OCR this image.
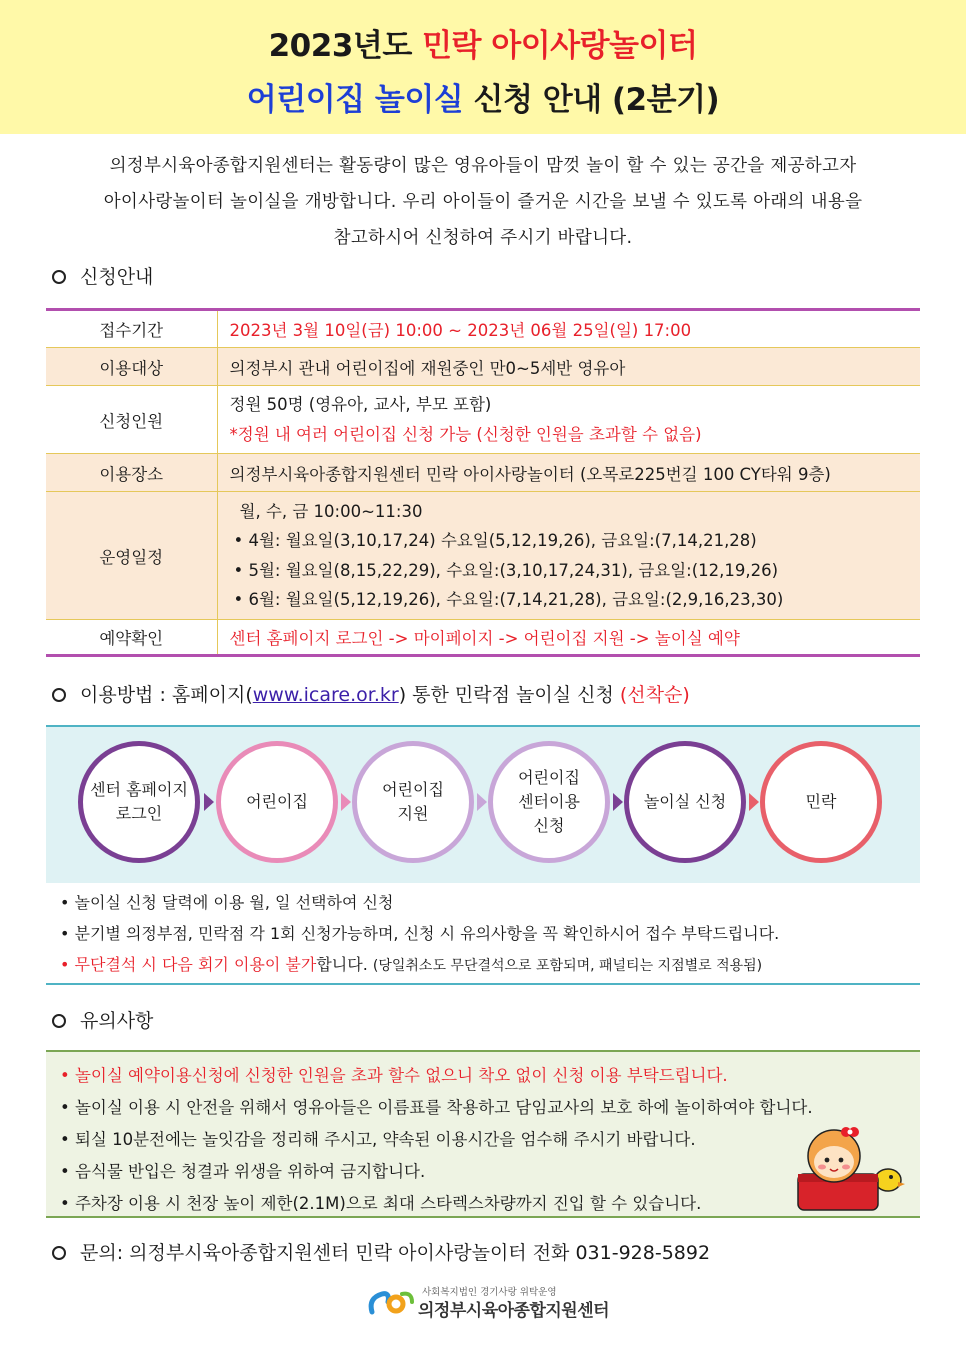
2023년도 민락 아이사랑놀이터
어린이집 놀이실 신청 안내 (2분기)
의정부시육아종합지원센터는 활동량이 많은 영유아들이 맘껏 놀이 할 수 있는 공간을 제공하고자
아이사랑놀이터 놀이실을 개방합니다. 우리 아이들이 즐거운 시간을 보낼 수 있도록 아래의 내용을
참고하시어 신청하여 주시기 바랍니다.
신청안내
접수기간	2023년 3월 10일(금) 10:00 ~ 2023년 06월 25일(일) 17:00
이용대상	의정부시 관내 어린이집에 재원중인 만0~5세반 영유아
신청인원	정원 50명 (영유아, 교사, 부모 포함)
*정원 내 여러 어린이집 신청 가능 (신청한 인원을 초과할 수 없음)

이용장소	의정부시육아종합지원센터 민락 아이사랑놀이터 (오목로225번길 100 CY타워 9층)
운영일정	월, 수, 금 10:00~11:30
• 4월: 월요일(3,10,17,24) 수요일(5,12,19,26), 금요일:(7,14,21,28)
• 5월: 월요일(8,15,22,29), 수요일:(3,10,17,24,31), 금요일:(12,19,26)
• 6월: 월요일(5,12,19,26), 수요일:(7,14,21,28), 금요일:(2,9,16,23,30)

예약확인	센터 홈페이지 로그인 -> 마이페이지 -> 어린이집 지원 -> 놀이실 예약
이용방법 : 홈페이지(www.icare.or.kr) 통한 민락점 놀이실 신청 (선착순)
센터 홈페이지
로그인
어린이집
어린이집
지원
어린이집
센터이용
신청
놀이실 신청	민락
• 놀이실 신청 달력에 이용 월, 일 선택하여 신청
• 분기별 의정부점, 민락점 각 1회 신청가능하며, 신청 시 유의사항을 꼭 확인하시어 접수 부탁드립니다.
• 무단결석 시 다음 회기 이용이 불가합니다. (당일취소도 무단결석으로 포함되며, 패널티는 지점별로 적용됨)
유의사항
• 놀이실 예약이용신청에 신청한 인원을 초과 할수 없으니 착오 없이 신청 이용 부탁드립니다.
• 놀이실 이용 시 안전을 위해서 영유아들은 이름표를 착용하고 담임교사의 보호 하에 놀이하여야 합니다.
• 퇴실 10분전에는 놀잇감을 정리해 주시고, 약속된 이용시간을 엄수해 주시기 바랍니다.
• 음식물 반입은 청결과 위생을 위하여 금지합니다.
• 주차장 이용 시 천장 높이 제한(2.1M)으로 최대 스타렉스차량까지 진입 할 수 있습니다.
문의: 의정부시육아종합지원센터 민락 아이사랑놀이터 전화 031-928-5892
사회복지법인 경기사랑 위탁운영
의정부시육아종합지원센터
